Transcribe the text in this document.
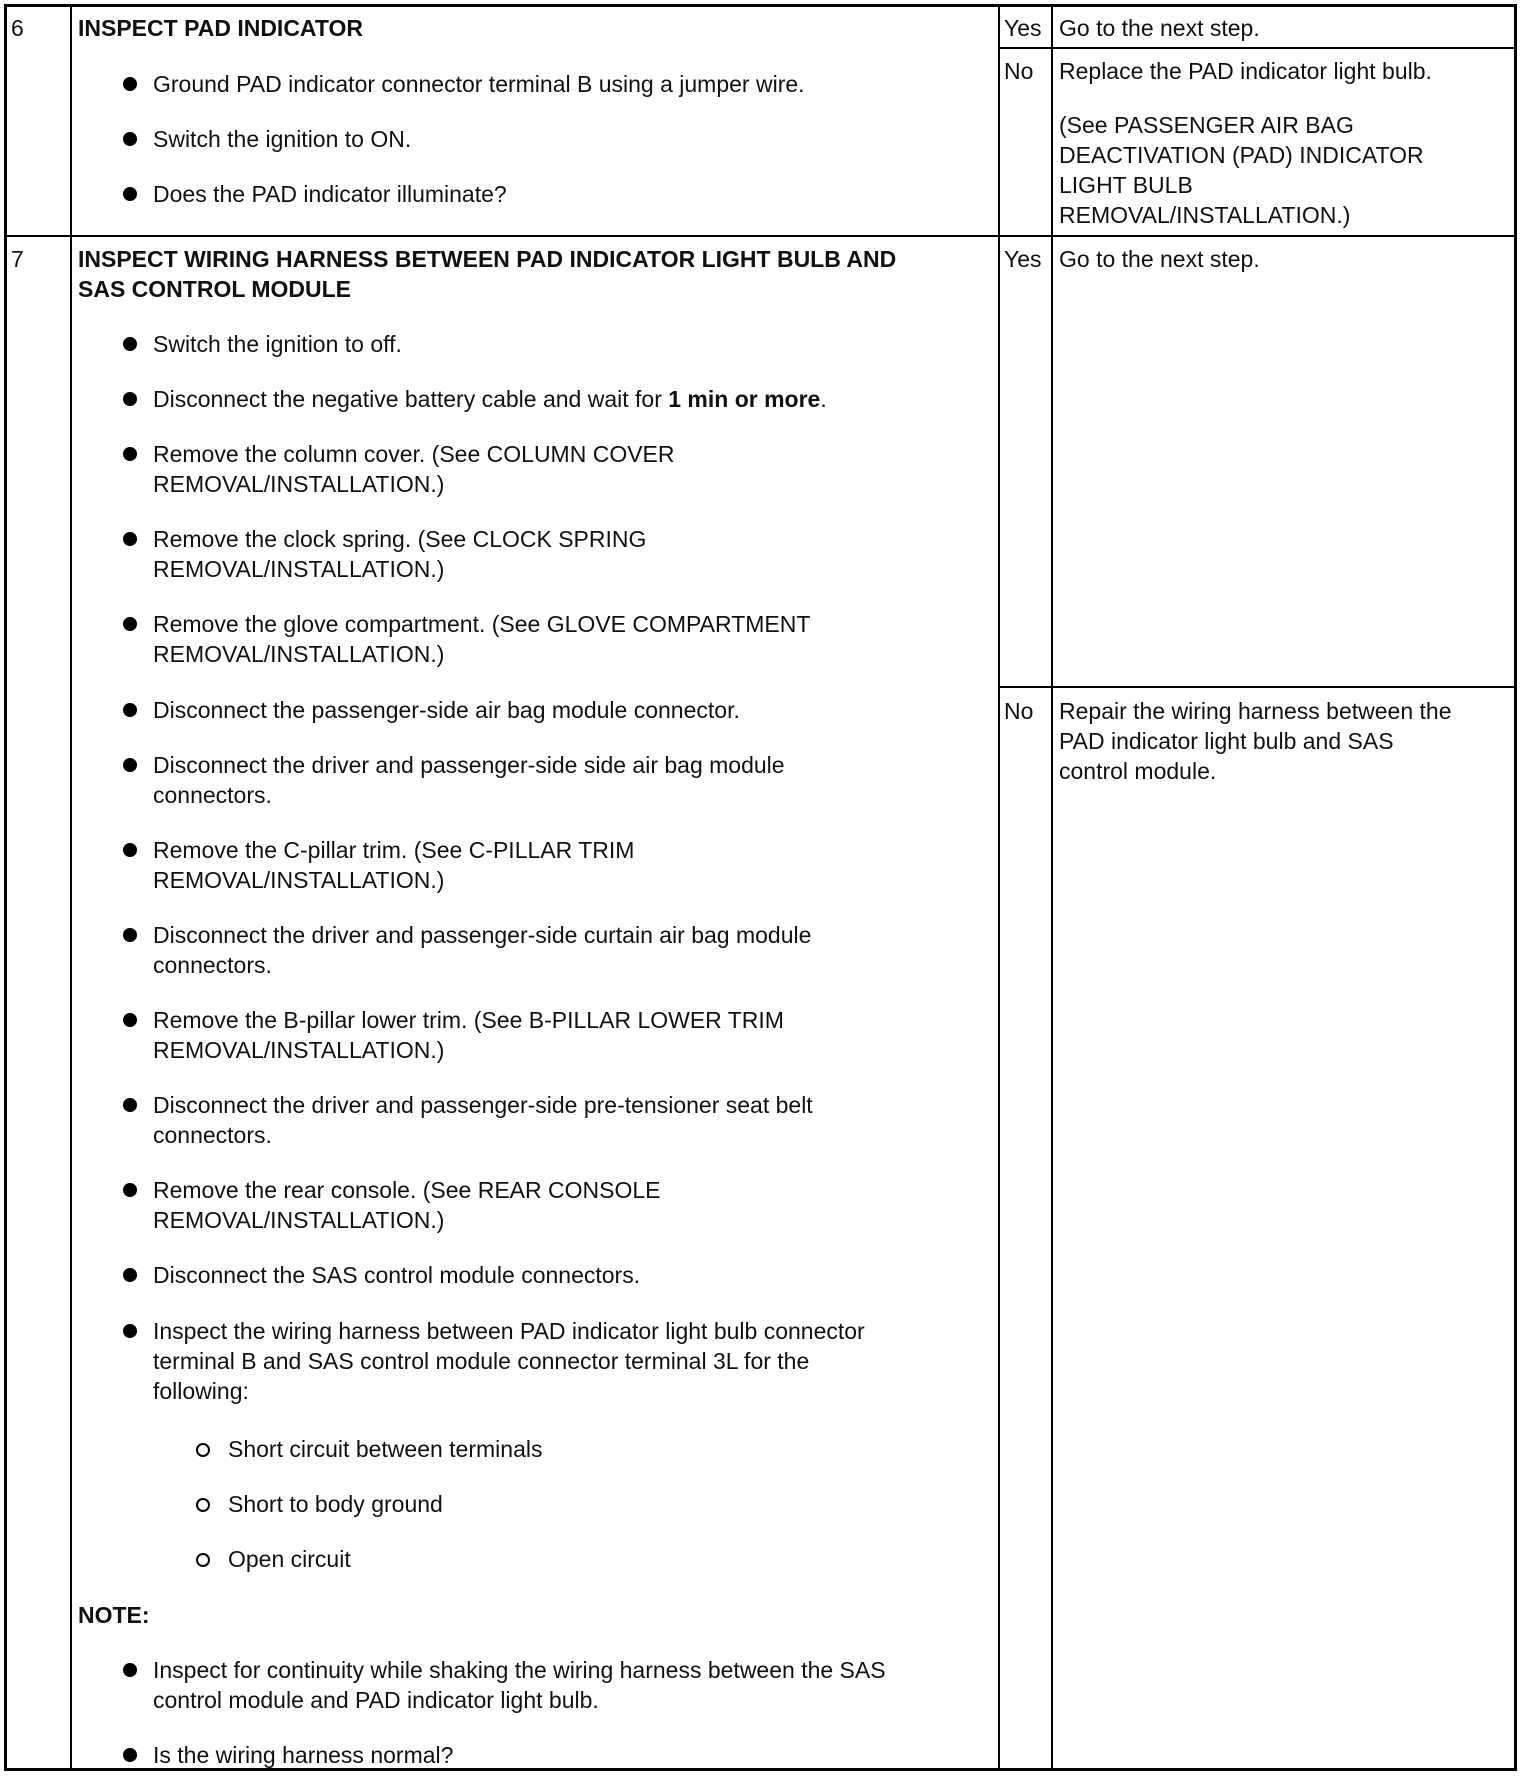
6 INSPECT PAD INDICATOR
Ground PAD indicator connector terminal B using a jumper wire.
Switch the ignition to ON.
Does the PAD indicator illuminate?
Yes Go to the next step.
No Replace the PAD indicator light bulb.
(See PASSENGER AIR BAG
DEACTIVATION (PAD) INDICATOR
LIGHT BULB
REMOVAL/INSTALLATION.)
7 INSPECT WIRING HARNESS BETWEEN PAD INDICATOR LIGHT BULB AND
SAS CONTROL MODULE
Switch the ignition to off.
Disconnect the negative battery cable and wait for 1 min or more.
Remove the column cover. (See COLUMN COVER
REMOVAL/INSTALLATION.)
Remove the clock spring. (See CLOCK SPRING
REMOVAL/INSTALLATION.)
Remove the glove compartment. (See GLOVE COMPARTMENT
REMOVAL/INSTALLATION.)
Disconnect the passenger-side air bag module connector.
Disconnect the driver and passenger-side side air bag module
connectors.
Remove the C-pillar trim. (See C-PILLAR TRIM
REMOVAL/INSTALLATION.)
Disconnect the driver and passenger-side curtain air bag module
connectors.
Remove the B-pillar lower trim. (See B-PILLAR LOWER TRIM
REMOVAL/INSTALLATION.)
Disconnect the driver and passenger-side pre-tensioner seat belt
connectors.
Remove the rear console. (See REAR CONSOLE
REMOVAL/INSTALLATION.)
Disconnect the SAS control module connectors.
Inspect the wiring harness between PAD indicator light bulb connector
terminal B and SAS control module connector terminal 3L for the
following:
Short circuit between terminals
Short to body ground
Open circuit
NOTE:
Inspect for continuity while shaking the wiring harness between the SAS
control module and PAD indicator light bulb.
Is the wiring harness normal?
Yes Go to the next step.
No Repair the wiring harness between the
PAD indicator light bulb and SAS
control module.
